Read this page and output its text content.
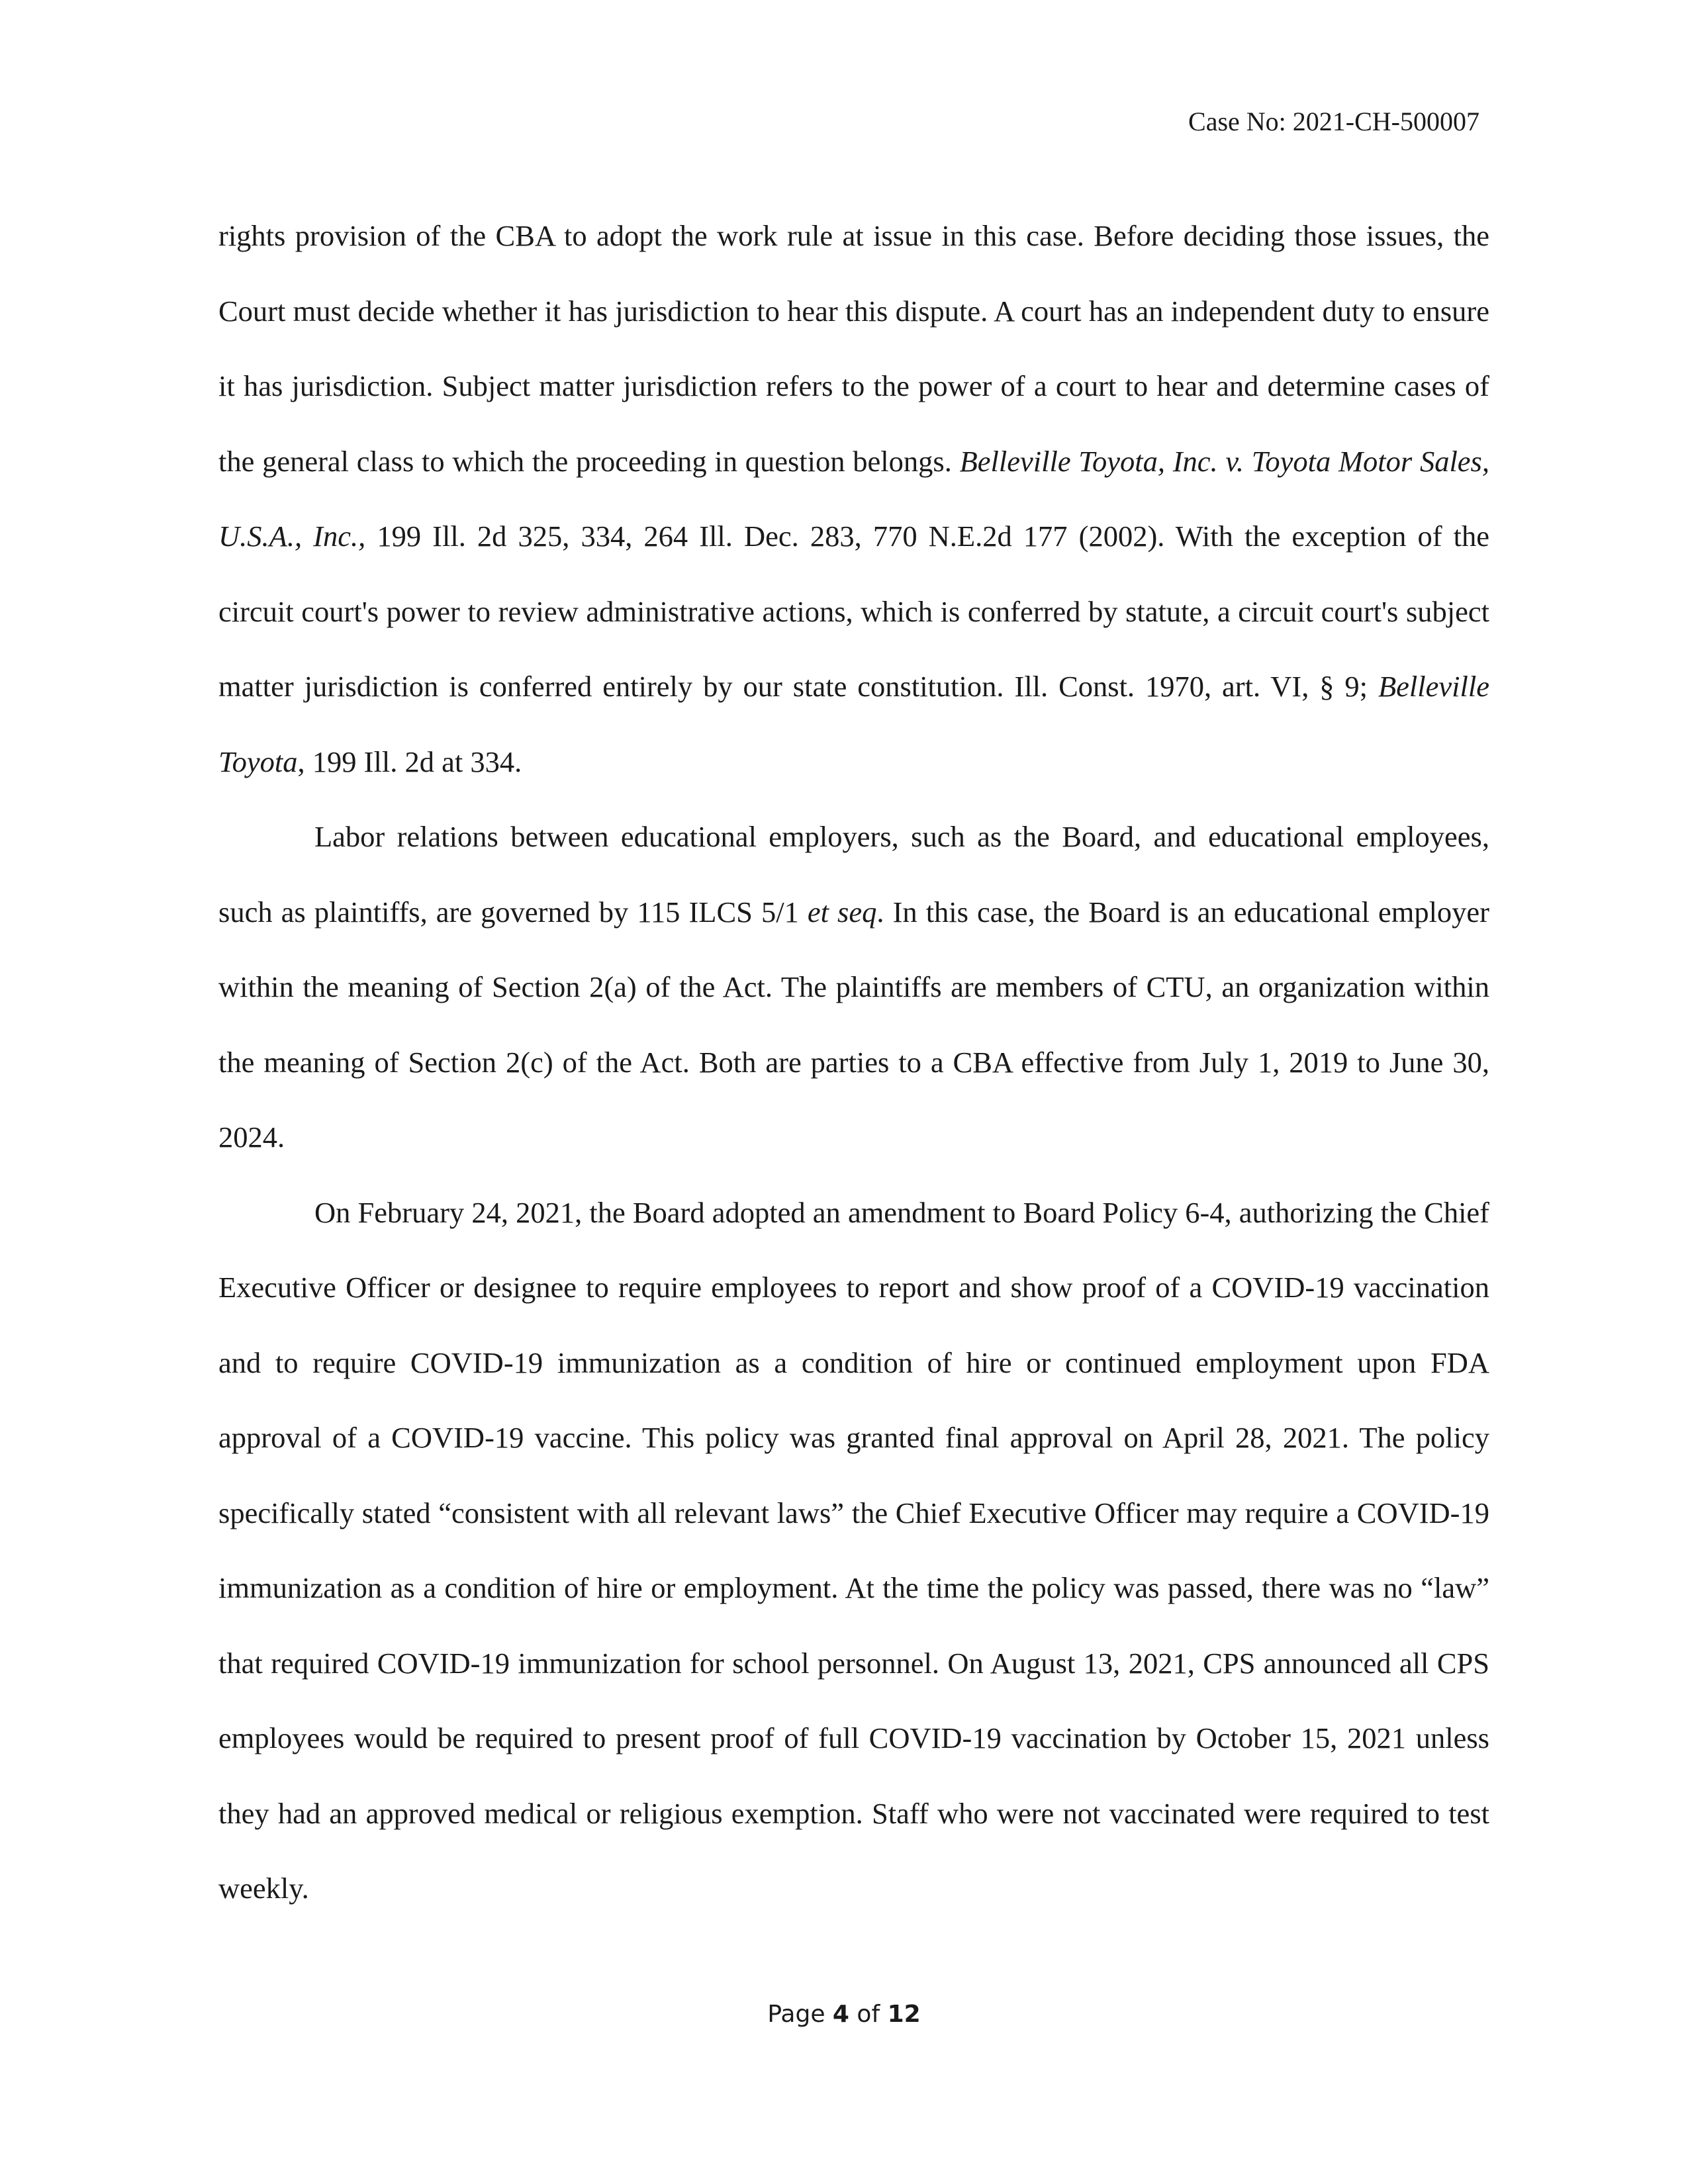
Case No: 2021-CH-500007

rights provision of the CBA to adopt the work rule at issue in this case. Before deciding those issues, the Court must decide whether it has jurisdiction to hear this dispute. A court has an independent duty to ensure it has jurisdiction. Subject matter jurisdiction refers to the power of a court to hear and determine cases of the general class to which the proceeding in question belongs. Belleville Toyota, Inc. v. Toyota Motor Sales, U.S.A., Inc., 199 Ill. 2d 325, 334, 264 Ill. Dec. 283, 770 N.E.2d 177 (2002). With the exception of the circuit court's power to review administrative actions, which is conferred by statute, a circuit court's subject matter jurisdiction is conferred entirely by our state constitution. Ill. Const. 1970, art. VI, § 9; Belleville Toyota, 199 Ill. 2d at 334.

Labor relations between educational employers, such as the Board, and educational employees, such as plaintiffs, are governed by 115 ILCS 5/1 et seq. In this case, the Board is an educational employer within the meaning of Section 2(a) of the Act. The plaintiffs are members of CTU, an organization within the meaning of Section 2(c) of the Act. Both are parties to a CBA effective from July 1, 2019 to June 30, 2024.

On February 24, 2021, the Board adopted an amendment to Board Policy 6-4, authorizing the Chief Executive Officer or designee to require employees to report and show proof of a COVID-19 vaccination and to require COVID-19 immunization as a condition of hire or continued employment upon FDA approval of a COVID-19 vaccine. This policy was granted final approval on April 28, 2021. The policy specifically stated “consistent with all relevant laws” the Chief Executive Officer may require a COVID-19 immunization as a condition of hire or employment. At the time the policy was passed, there was no “law” that required COVID-19 immunization for school personnel. On August 13, 2021, CPS announced all CPS employees would be required to present proof of full COVID-19 vaccination by October 15, 2021 unless they had an approved medical or religious exemption. Staff who were not vaccinated were required to test weekly.

Page 4 of 12
